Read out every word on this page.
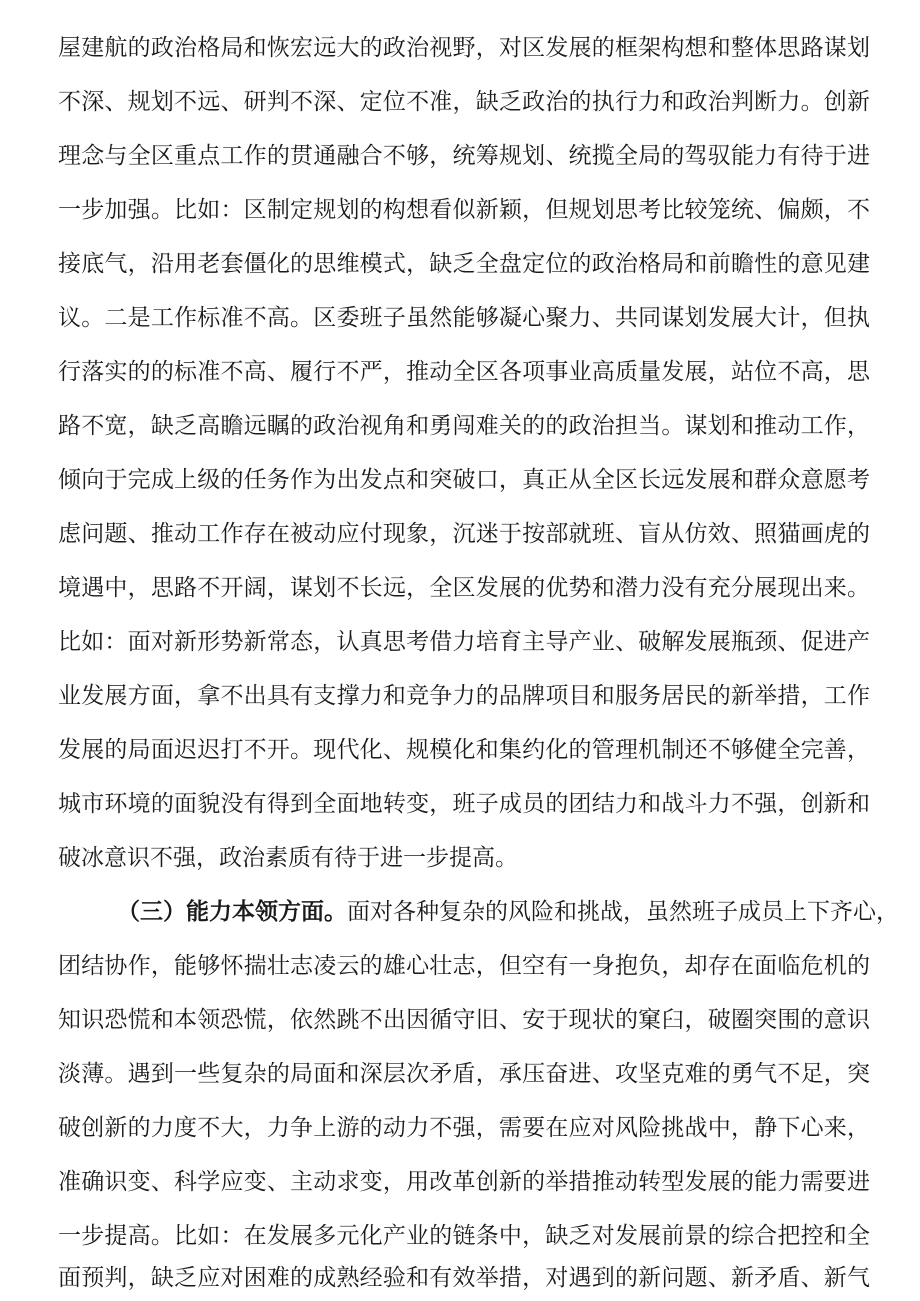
屋建航的政治格局和恢宏远大的政治视野，对区发展的框架构想和整体思路谋划
不深、规划不远、研判不深、定位不准，缺乏政治的执行力和政治判断力。创新
理念与全区重点工作的贯通融合不够，统筹规划、统揽全局的驾驭能力有待于进
一步加强。比如：区制定规划的构想看似新颖，但规划思考比较笼统、偏颇，不
接底气，沿用老套僵化的思维模式，缺乏全盘定位的政治格局和前瞻性的意见建
议。二是工作标准不高。区委班子虽然能够凝心聚力、共同谋划发展大计，但执
行落实的的标准不高、履行不严，推动全区各项事业高质量发展，站位不高，思
路不宽，缺乏高瞻远瞩的政治视角和勇闯难关的的政治担当。谋划和推动工作，
倾向于完成上级的任务作为出发点和突破口，真正从全区长远发展和群众意愿考
虑问题、推动工作存在被动应付现象，沉迷于按部就班、盲从仿效、照猫画虎的
境遇中，思路不开阔，谋划不长远，全区发展的优势和潜力没有充分展现出来。
比如：面对新形势新常态，认真思考借力培育主导产业、破解发展瓶颈、促进产
业发展方面，拿不出具有支撑力和竞争力的品牌项目和服务居民的新举措，工作
发展的局面迟迟打不开。现代化、规模化和集约化的管理机制还不够健全完善，
城市环境的面貌没有得到全面地转变，班子成员的团结力和战斗力不强，创新和
破冰意识不强，政治素质有待于进一步提高。
（三）能力本领方面。面对各种复杂的风险和挑战，虽然班子成员上下齐心，
团结协作，能够怀揣壮志凌云的雄心壮志，但空有一身抱负，却存在面临危机的
知识恐慌和本领恐慌，依然跳不出因循守旧、安于现状的窠臼，破圈突围的意识
淡薄。遇到一些复杂的局面和深层次矛盾，承压奋进、攻坚克难的勇气不足，突
破创新的力度不大，力争上游的动力不强，需要在应对风险挑战中，静下心来，
准确识变、科学应变、主动求变，用改革创新的举措推动转型发展的能力需要进
一步提高。比如：在发展多元化产业的链条中，缺乏对发展前景的综合把控和全
面预判，缺乏应对困难的成熟经验和有效举措，对遇到的新问题、新矛盾、新气
